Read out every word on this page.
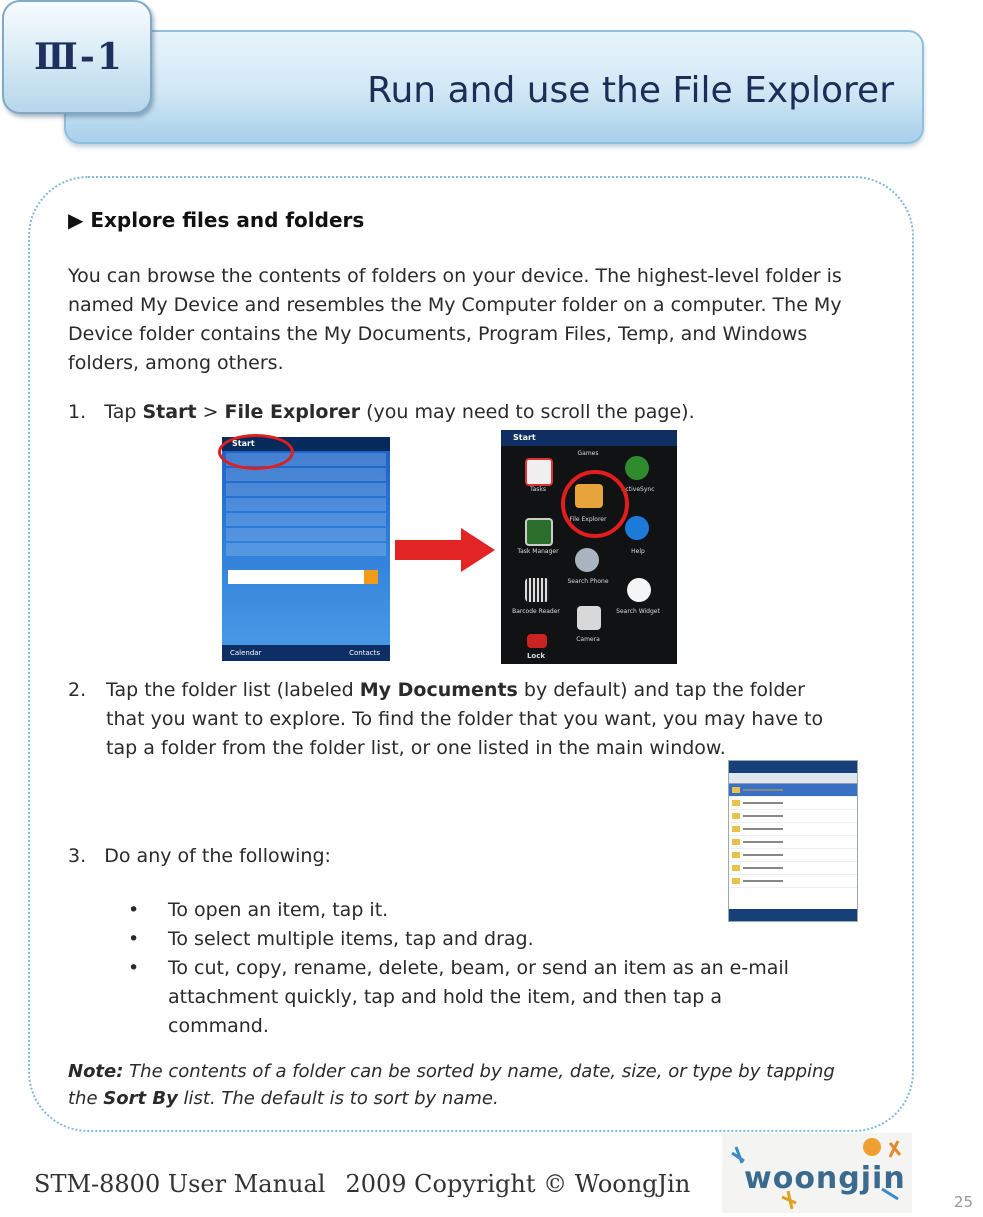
Run and use the File Explorer
Ⅲ-1
▶ Explore files and folders
You can browse the contents of folders on your device. The highest-level folder is named My Device and resembles the My Computer folder on a computer. The My Device folder contains the My Documents, Program Files, Temp, and Windows folders, among others.
1. Tap Start > File Explorer (you may need to scroll the page).
Start
Calendar	Contacts
Start
Tasks
Games
ActiveSync
File Explorer
Task Manager	Help
Search Phone
Barcode Reader	Search Widget
Camera
Lock
2. Tap the folder list (labeled My Documents by default) and tap the folder that you want to explore. To find the folder that you want, you may have to tap a folder from the folder list, or one listed in the main window.
3. Do any of the following:
• To open an item, tap it.
• To select multiple items, tap and drag.
• To cut, copy, rename, delete, beam, or send an item as an e-mail attachment quickly, tap and hold the item, and then tap a command.
Note: The contents of a folder can be sorted by name, date, size, or type by tapping the Sort By list. The default is to sort by name.
STM-8800 User Manual 2009 Copyright © WoongJin woongjin
25
